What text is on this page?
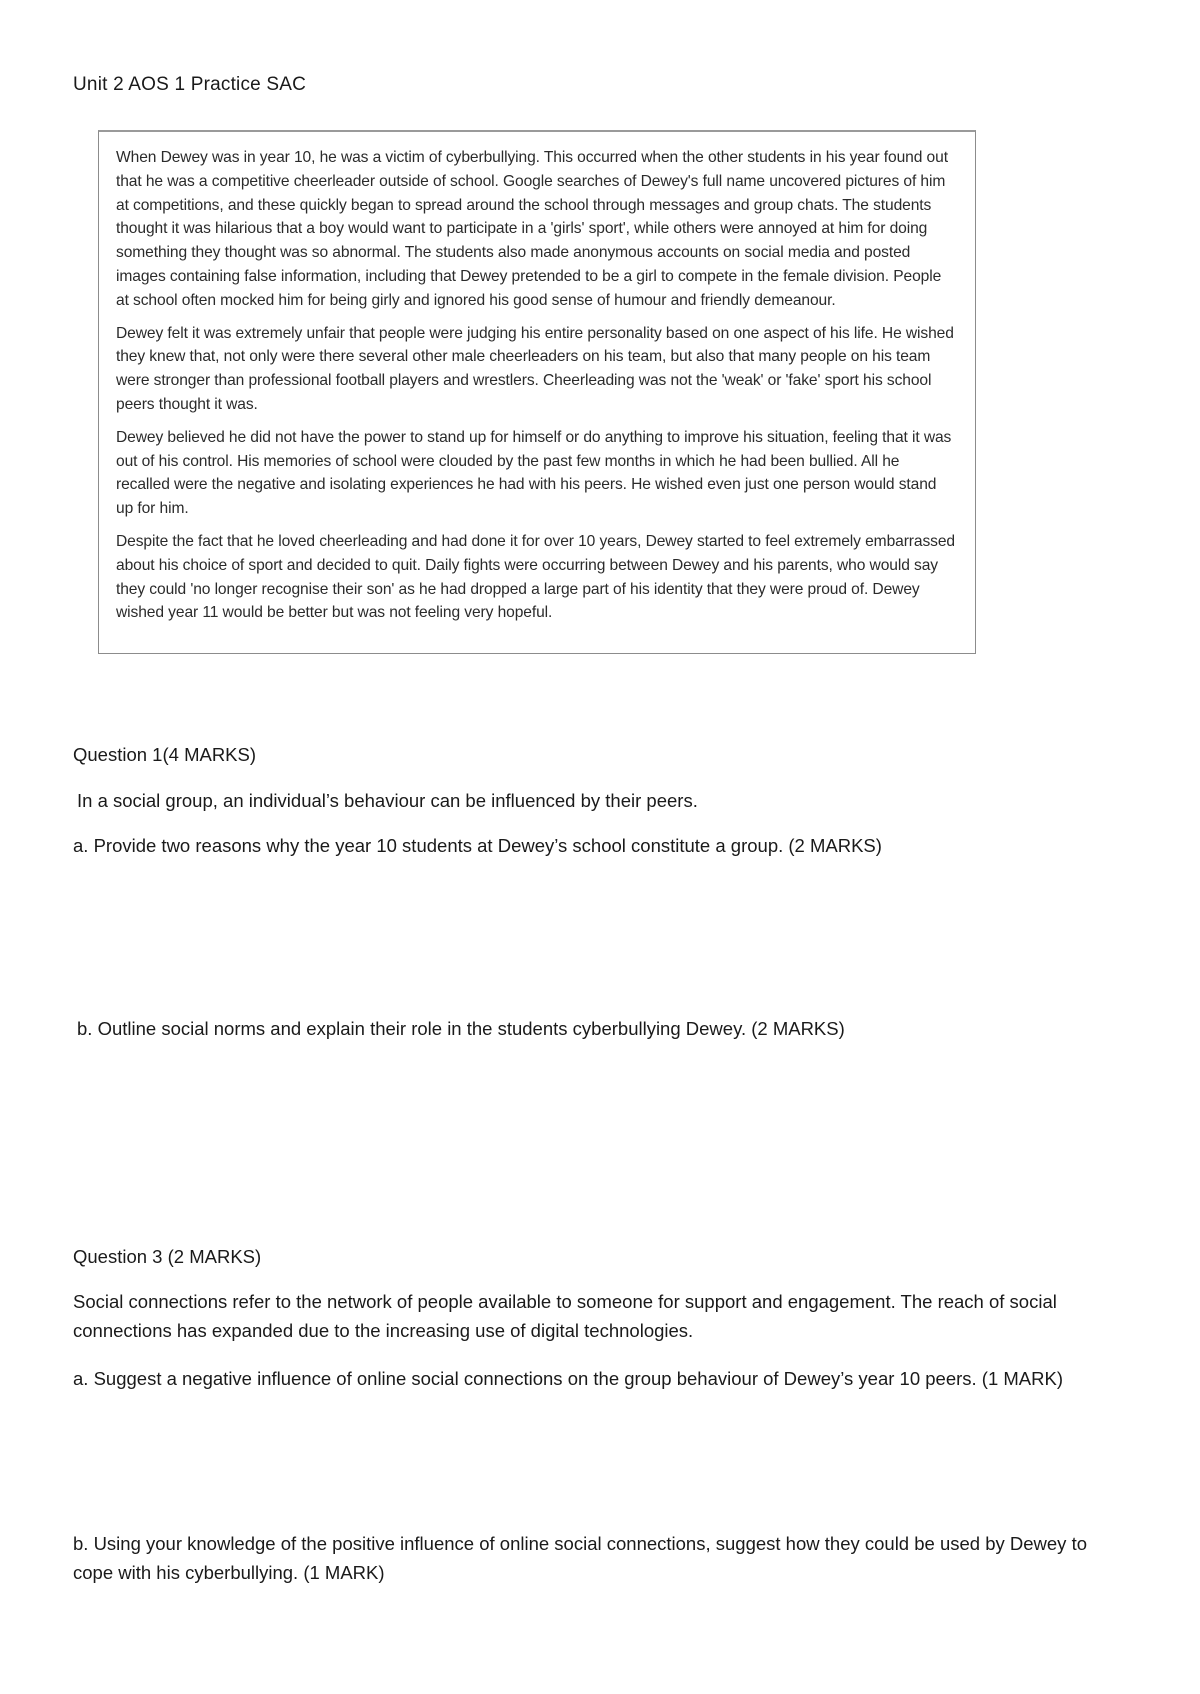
Unit 2 AOS 1 Practice SAC

When Dewey was in year 10, he was a victim of cyberbullying. This occurred when the other students in his year found out that he was a competitive cheerleader outside of school. Google searches of Dewey's full name uncovered pictures of him at competitions, and these quickly began to spread around the school through messages and group chats. The students thought it was hilarious that a boy would want to participate in a 'girls' sport', while others were annoyed at him for doing something they thought was so abnormal. The students also made anonymous accounts on social media and posted images containing false information, including that Dewey pretended to be a girl to compete in the female division. People at school often mocked him for being girly and ignored his good sense of humour and friendly demeanour.

Dewey felt it was extremely unfair that people were judging his entire personality based on one aspect of his life. He wished they knew that, not only were there several other male cheerleaders on his team, but also that many people on his team were stronger than professional football players and wrestlers. Cheerleading was not the 'weak' or 'fake' sport his school peers thought it was.

Dewey believed he did not have the power to stand up for himself or do anything to improve his situation, feeling that it was out of his control. His memories of school were clouded by the past few months in which he had been bullied. All he recalled were the negative and isolating experiences he had with his peers. He wished even just one person would stand up for him.

Despite the fact that he loved cheerleading and had done it for over 10 years, Dewey started to feel extremely embarrassed about his choice of sport and decided to quit. Daily fights were occurring between Dewey and his parents, who would say they could 'no longer recognise their son' as he had dropped a large part of his identity that they were proud of. Dewey wished year 11 would be better but was not feeling very hopeful.

Question 1(4 MARKS)

In a social group, an individual’s behaviour can be influenced by their peers.

a. Provide two reasons why the year 10 students at Dewey’s school constitute a group. (2 MARKS)

b. Outline social norms and explain their role in the students cyberbullying Dewey. (2 MARKS)

Question 3 (2 MARKS)

Social connections refer to the network of people available to someone for support and engagement. The reach of social connections has expanded due to the increasing use of digital technologies.

a. Suggest a negative influence of online social connections on the group behaviour of Dewey’s year 10 peers. (1 MARK)

b. Using your knowledge of the positive influence of online social connections, suggest how they could be used by Dewey to cope with his cyberbullying. (1 MARK)
